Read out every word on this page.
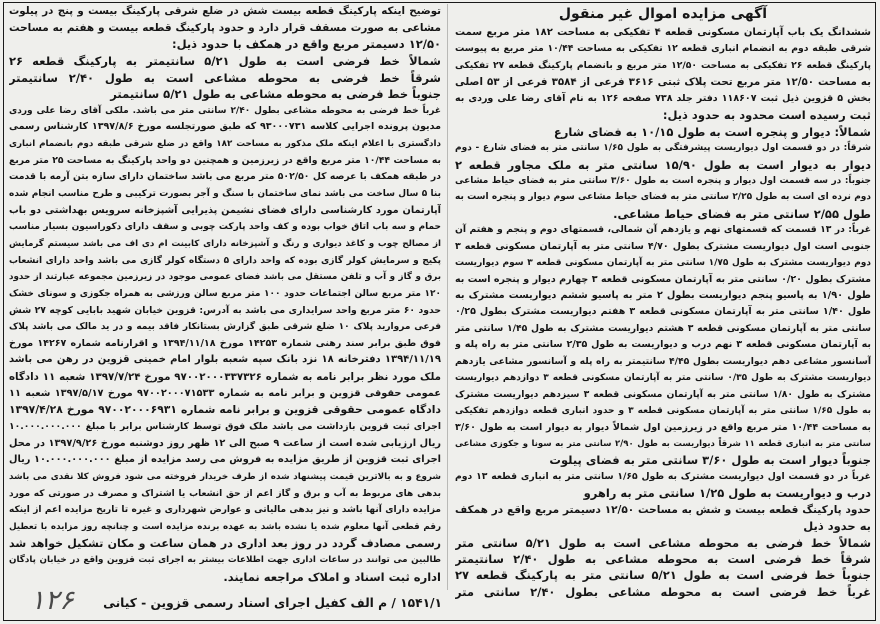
آگهی مزایده اموال غیر منقول
ششدانگ یک باب آپارتمان مسکونی قطعه ۴ تفکیکی به مساحت ۱۸۲ متر مربع سمت
شرقی طبقه دوم به انضمام انباری قطعه ۱۲ تفکیکی به مساحت ۱۰/۴۴ متر مربع به پیوست
پارکینگ قطعه ۲۶ تفکیکی به مساحت ۱۲/۵۰ متر مربع و بانضمام پارکینگ قطعه ۲۷ تفکیکی
به مساحت ۱۲/۵۰ متر مربع تحت پلاک ثبتی ۳۶۱۶ فرعی از ۳۵۸۴ فرعی از ۵۳ اصلی
بخش ۵ قزوین ذیل ثبت ۱۱۸۶۰۷ دفتر جلد ۷۳۸ صفحه ۱۲۶ به نام آقای رضا علی وردی به
ثبت رسیده است محدود به حدود ذیل:
شمالاً: دیوار و پنجره است به طول ۱۰/۱۵ به فضای شارع
شرقاً: در دو قسمت اول دیواریست پیشرفتگی به طول ۱/۶۵ سانتی متر به فضای شارع - دوم
دیوار به دیوار است به طول ۱۵/۹۰ سانتی متر به ملک مجاور قطعه ۲
جنوباً: در سه قسمت اول دیوار و پنجره است به طول ۳/۶۰ سانتی متر به فضای حیاط مشاعی
دوم نرده ای است به طول ۲/۲۵ سانتی متر به فضای حیاط مشاعی سوم دیوار و پنجره است به
طول ۲/۵۵ سانتی متر به فضای حیاط مشاعی.
غرباً: در ۱۳ قسمت که قسمتهای نهم و یازدهم آن شمالی، قسمتهای دوم و پنجم و هفتم آن
جنوبی است اول دیواریست مشترک بطول ۴/۷۰ سانتی متر به آپارتمان مسکونی قطعه ۳
دوم دیواریست مشترک به طول ۱/۷۵ سانتی متر به آپارتمان مسکونی قطعه ۳ سوم دیواریست
مشترک بطول ۰/۲۰ سانتی متر به آپارتمان مسکونی قطعه ۳ چهارم دیوار و پنجره است به
طول ۱/۹۰ به پاسیو پنجم دیواریست بطول ۲ متر به پاسیو ششم دیواریست مشترک به
طول ۱/۴۰ سانتی متر به آپارتمان مسکونی قطعه ۳ هفتم دیواریست مشترک بطول ۰/۲۵
سانتی متر به آپارتمان مسکونی قطعه ۳ هشتم دیواریست مشترک به طول ۱/۴۵ سانتی متر
به آپارتمان مسکونی قطعه ۳ نهم درب و دیواریست به طول ۲/۳۵ سانتی متر به راه پله و
آسانسور مشاعی دهم دیواریست بطول ۴/۴۵ سانتیمتر به راه پله و آسانسور مشاعی یازدهم
دیواریست مشترک به طول ۰/۳۵ سانتی متر به آپارتمان مسکونی قطعه ۳ دوازدهم دیواریست
مشترک به طول ۱/۸۰ سانتی متر به آپارتمان مسکونی قطعه ۳ سیزدهم دیواریست مشترک
به طول ۱/۶۵ سانتی متر به آپارتمان مسکونی قطعه ۳ و حدود انباری قطعه دوازدهم تفکیکی
به مساحت ۱۰/۴۴ متر مربع واقع در زیرزمین اول شمالاً دیوار به دیوار است به طول ۳/۶۰
سانتی متر به انباری قطعه ۱۱ شرقاً دیواریست به طول ۲/۹۰ سانتی متر به سونا و جکوزی مشاعی
جنوباً دیوار است به طول ۳/۶۰ سانتی متر به فضای پیلوت
غرباً در دو قسمت اول دیواریست مشترک به طول ۱/۶۵ سانتی متر به انباری قطعه ۱۳ دوم
درب و دیواریست به طول ۱/۲۵ سانتی متر به راهرو
حدود پارکینگ قطعه بیست و شش به مساحت ۱۲/۵۰ دسیمتر مربع واقع در همکف
به حدود ذیل
شمالاً خط فرضی به محوطه مشاعی است به طول ۵/۲۱ سانتی متر
شرقاً خط فرضی است به محوطه مشاعی به طول ۲/۴۰ سانتیمتر
جنوباً خط فرضی است به طول ۵/۲۱ سانتی متر به پارکینگ قطعه ۲۷
غرباً خط فرضی است به محوطه مشاعی بطول ۲/۴۰ سانتی متر
توضیح اینکه پارکینگ قطعه بیست شش در ضلع شرقی پارکینگ بیست و پنج در پیلوت
مشاعی به صورت مسقف قرار دارد و حدود پارکینگ قطعه بیست و هفتم به مساحت
۱۲/۵۰ دسیمتر مربع واقع در همکف با حدود ذیل:
شمالاً خط فرضی است به طول ۵/۲۱ سانتیمتر به پارکینگ قطعه ۲۶
شرقاً خط فرضی به محوطه مشاعی است به طول ۲/۴۰ سانتیمتر
جنوباً خط فرضی به محوطه مشاعی به طول ۵/۲۱ سانتیمتر
غرباً خط فرضی به محوطه مشاعی بطول ۲/۴۰ سانتی متر می باشد. ملکی آقای رضا علی وردی
مدیون پرونده اجرایی کلاسه ۹۳۰۰۰۷۳۱ که طبق صورتجلسه مورخ ۱۳۹۷/۸/۶ کارشناس رسمی
دادگستری با اعلام اینکه ملک مذکور به مساحت ۱۸۲ واقع در ضلع شرقی طبقه دوم بانضمام انباری
به مساحت ۱۰/۴۴ متر مربع واقع در زیرزمین و همچنین دو واحد پارکینگ به مساحت ۲۵ متر مربع
در طبقه همکف با عرصه کل ۵۰۲/۵۰ متر مربع می باشد ساختمان دارای سازه بتن آرمه با قدمت
بنا ۵ سال ساخت می باشد نمای ساختمان با سنگ و آجر بصورت ترکیبی و طرح مناسب انجام شده
آپارتمان مورد کارشناسی دارای فضای نشیمن پذیرایی آشپزخانه سرویس بهداشتی دو باب
حمام و سه باب اتاق خواب بوده و کف واحد پارکت چوبی و سقف دارای دکوراسیون بسیار مناسب
از مصالح چوب و کاغذ دیواری و رنگ و آشپزخانه دارای کابینت ام دی اف می باشد سیستم گرمایش
پکیج و سرمایش کولر گازی بوده که واحد دارای ۵ دستگاه کولر گازی می باشد واحد دارای انشعاب
برق و گاز و آب و تلفن مستقل می باشد فضای عمومی موجود در زیرزمین مجموعه عبارتند از حدود
۱۲۰ متر مربع سالن اجتماعات حدود ۱۰۰ متر مربع سالن ورزشی به همراه جکوزی و سونای خشک
حدود ۶۰ متر مربع واحد سرایداری می باشد به آدرس: قزوین خیابان شهید بابایی کوچه ۲۷ شش
فرعی مروارید پلاک ۱۰ ضلع شرقی طبق گزارش بستانکار فاقد بیمه و در ید مالک می باشد پلاک
فوق طبق برابر سند رهنی شماره ۱۴۲۵۳ مورخ ۱۳۹۴/۱۱/۱۸ و اقرارنامه شماره ۱۴۲۶۷ مورخ
۱۳۹۴/۱۱/۱۹ دفترخانه ۱۸ نزد بانک سپه شعبه بلوار امام خمینی قزوین در رهن می باشد
ملک مورد نظر برابر نامه به شماره ۹۷۰۰۲۰۰۰۳۳۷۳۲۶ مورخ ۱۳۹۷/۷/۲۴ شعبه ۱۱ دادگاه
عمومی حقوقی قزوین و برابر نامه به شماره ۹۷۰۰۲۰۰۰۷۱۵۳۳ مورخ ۱۳۹۷/۵/۱۷ شعبه ۱۱
دادگاه عمومی حقوقی قزوین و برابر نامه شماره ۹۷۰۰۲۰۰۰۶۹۳۱ مورخ ۱۳۹۷/۴/۲۸
اجرای ثبت قزوین بازداشت می باشد ملک فوق توسط کارشناس برابر با مبلغ ۱۰.۰۰۰.۰۰۰.۰۰۰
ریال ارزیابی شده است از ساعت ۹ صبح الی ۱۲ ظهر روز دوشنبه مورخ ۱۳۹۷/۹/۲۶ در محل
اجرای ثبت قزوین از طریق مزایده به فروش می رسد مزایده از مبلغ ۱۰.۰۰۰.۰۰۰.۰۰۰ ریال
شروع و به بالاترین قیمت پیشنهاد شده از طرف خریدار فروخته می شود فروش کلا نقدی می باشد
بدهی های مربوط به آب و برق و گاز اعم از حق انشعاب یا اشتراک و مصرف در صورتی که مورد
مزایده دارای آنها باشد و نیز بدهی مالیاتی و عوارض شهرداری و غیره تا تاریخ مزایده اعم از اینکه
رقم قطعی آنها معلوم شده یا نشده باشد به عهده برنده مزایده است و چنانچه روز مزایده با تعطیل
رسمی مصادف گردد در روز بعد اداری در همان ساعت و مکان تشکیل خواهد شد
طالبین می توانند در ساعات اداری جهت اطلاعات بیشتر به اجرای ثبت قزوین واقع در خیابان پادگان
اداره ثبت اسناد و املاک مراجعه نمایند.
۱۵۴۱/۱ / م الف کفیل اجرای اسناد رسمی قزوین - کیانی
۱۲۶
